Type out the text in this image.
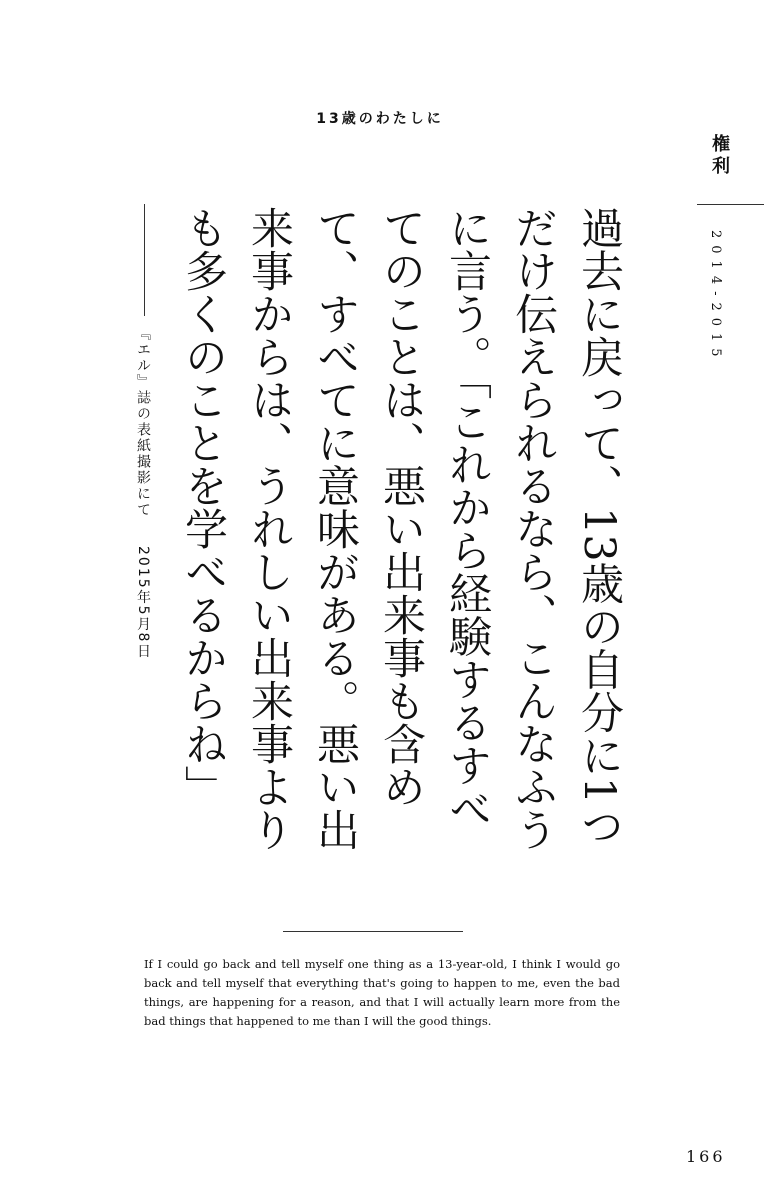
13歳のわたしに
権利
2014-2015
過去に戻って、13歳の自分に1つだけ伝えられるなら、こんなふうに言う。「これから経験するすべてのことは、悪い出来事も含めて、すべてに意味がある。悪い出来事からは、うれしい出来事よりも多くのことを学べるからね」
『エル』誌の表紙撮影にて 2015年5月8日
If I could go back and tell myself one thing as a 13-year-old, I think I would go back and tell myself that everything that's going to happen to me, even the bad things, are happening for a reason, and that I will actually learn more from the bad things that happened to me than I will the good things.
166
